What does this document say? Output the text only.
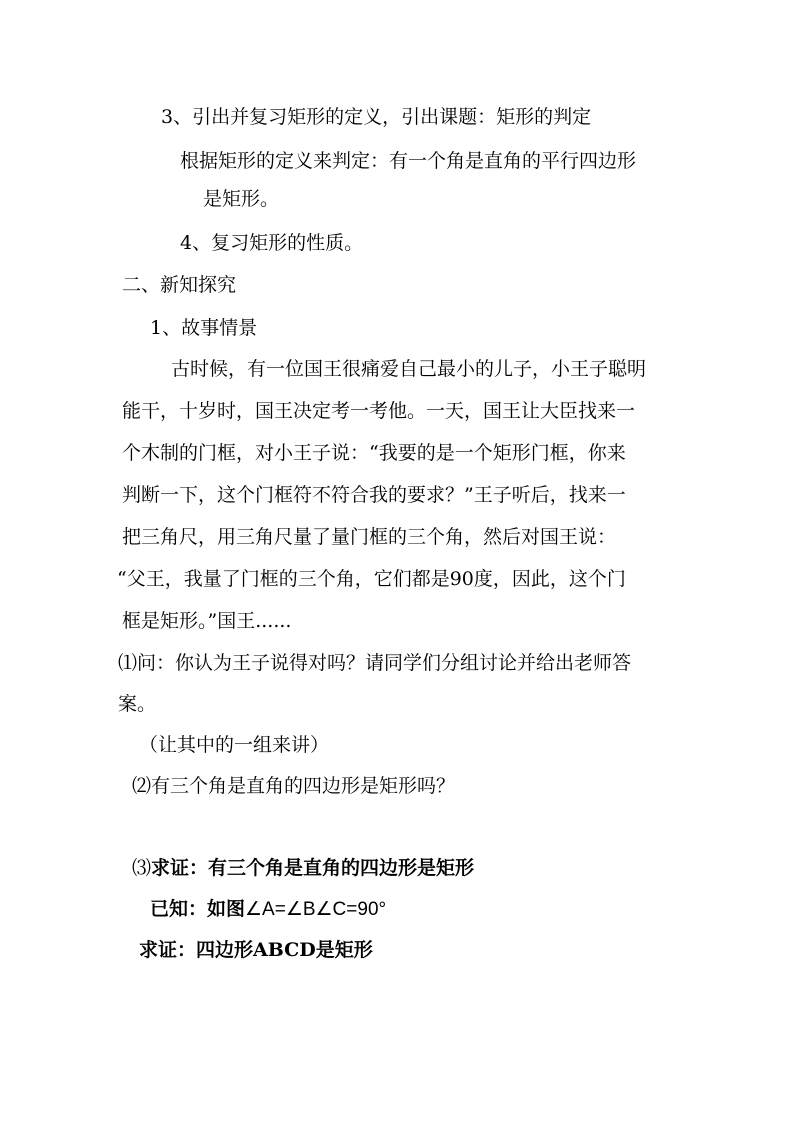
3、引出并复习矩形的定义，引出课题：矩形的判定
根据矩形的定义来判定：有一个角是直角的平行四边形
是矩形。
4、复习矩形的性质。
二、新知探究
1、故事情景
古时候，有一位国王很痛爱自己最小的儿子，小王子聪明
能干，十岁时，国王决定考一考他。一天，国王让大臣找来一
个木制的门框，对小王子说：“我要的是一个矩形门框，你来
判断一下，这个门框符不符合我的要求？”王子听后，找来一
把三角尺，用三角尺量了量门框的三个角，然后对国王说：
“父王，我量了门框的三个角，它们都是90度，因此，这个门
框是矩形。”国王......
⑴问：你认为王子说得对吗？请同学们分组讨论并给出老师答
案。
（让其中的一组来讲）
⑵有三个角是直角的四边形是矩形吗？
⑶求证：有三个角是直角的四边形是矩形
已知：如图∠A=∠B∠C=90°
求证：四边形ABCD是矩形
